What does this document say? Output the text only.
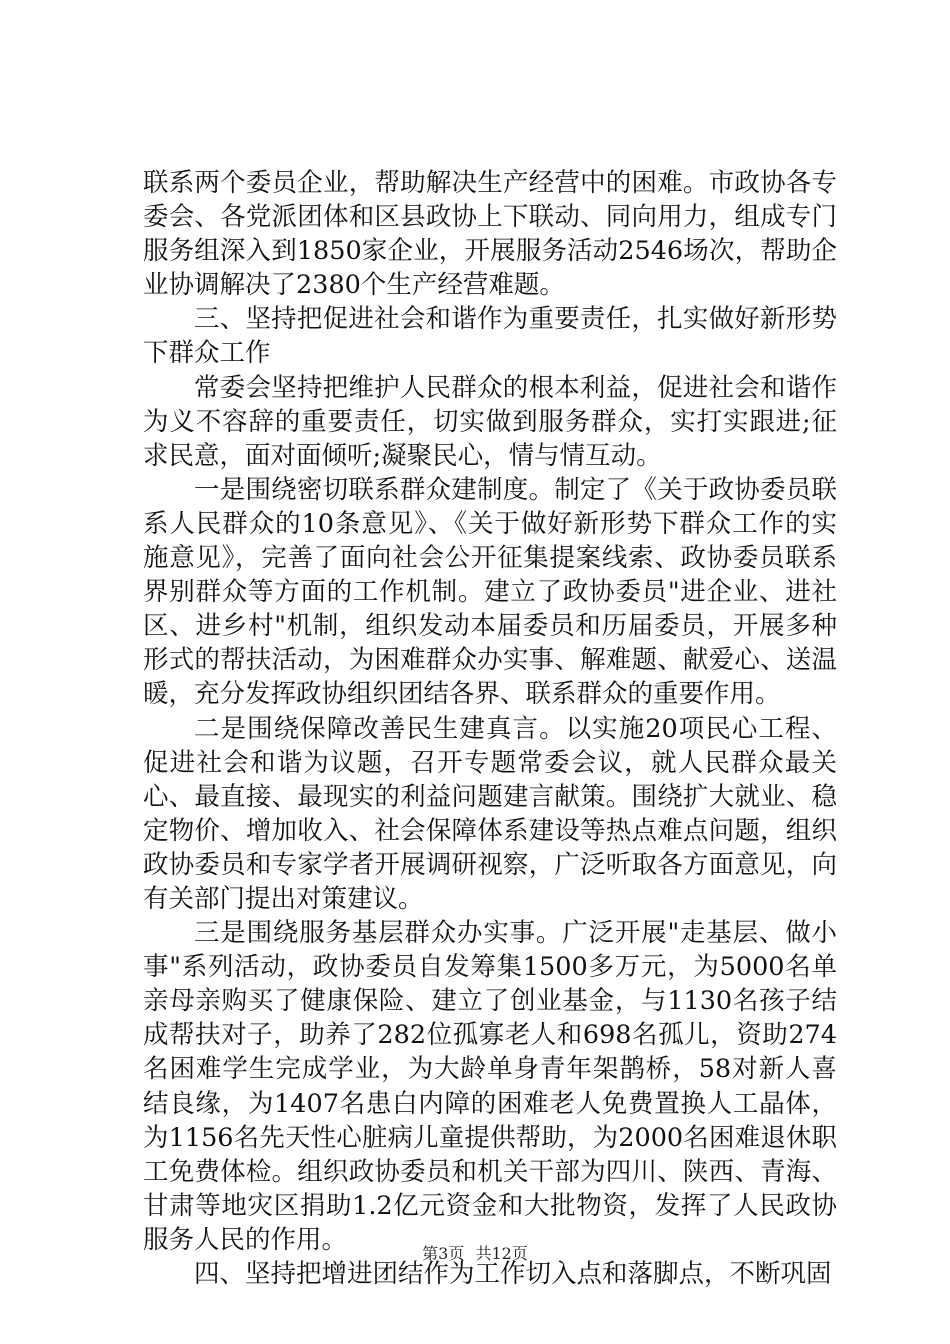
联系两个委员企业，帮助解决生产经营中的困难。市政协各专委会、各党派团体和区县政协上下联动、同向用力，组成专门服务组深入到1850家企业，开展服务活动2546场次，帮助企业协调解决了2380个生产经营难题。

三、坚持把促进社会和谐作为重要责任，扎实做好新形势下群众工作

常委会坚持把维护人民群众的根本利益，促进社会和谐作为义不容辞的重要责任，切实做到服务群众，实打实跟进;征求民意，面对面倾听;凝聚民心，情与情互动。

一是围绕密切联系群众建制度。制定了《关于政协委员联系人民群众的10条意见》、《关于做好新形势下群众工作的实施意见》，完善了面向社会公开征集提案线索、政协委员联系界别群众等方面的工作机制。建立了政协委员"进企业、进社区、进乡村"机制，组织发动本届委员和历届委员，开展多种形式的帮扶活动，为困难群众办实事、解难题、献爱心、送温暖，充分发挥政协组织团结各界、联系群众的重要作用。

二是围绕保障改善民生建真言。以实施20项民心工程、促进社会和谐为议题，召开专题常委会议，就人民群众最关心、最直接、最现实的利益问题建言献策。围绕扩大就业、稳定物价、增加收入、社会保障体系建设等热点难点问题，组织政协委员和专家学者开展调研视察，广泛听取各方面意见，向有关部门提出对策建议。

三是围绕服务基层群众办实事。广泛开展"走基层、做小事"系列活动，政协委员自发筹集1500多万元，为5000名单亲母亲购买了健康保险、建立了创业基金，与1130名孩子结成帮扶对子，助养了282位孤寡老人和698名孤儿，资助274名困难学生完成学业，为大龄单身青年架鹊桥，58对新人喜结良缘，为1407名患白内障的困难老人免费置换人工晶体，为1156名先天性心脏病儿童提供帮助，为2000名困难退休职工免费体检。组织政协委员和机关干部为四川、陕西、青海、甘肃等地灾区捐助1.2亿元资金和大批物资，发挥了人民政协服务人民的作用。

四、坚持把增进团结作为工作切入点和落脚点，不断巩固

第3页 共12页
